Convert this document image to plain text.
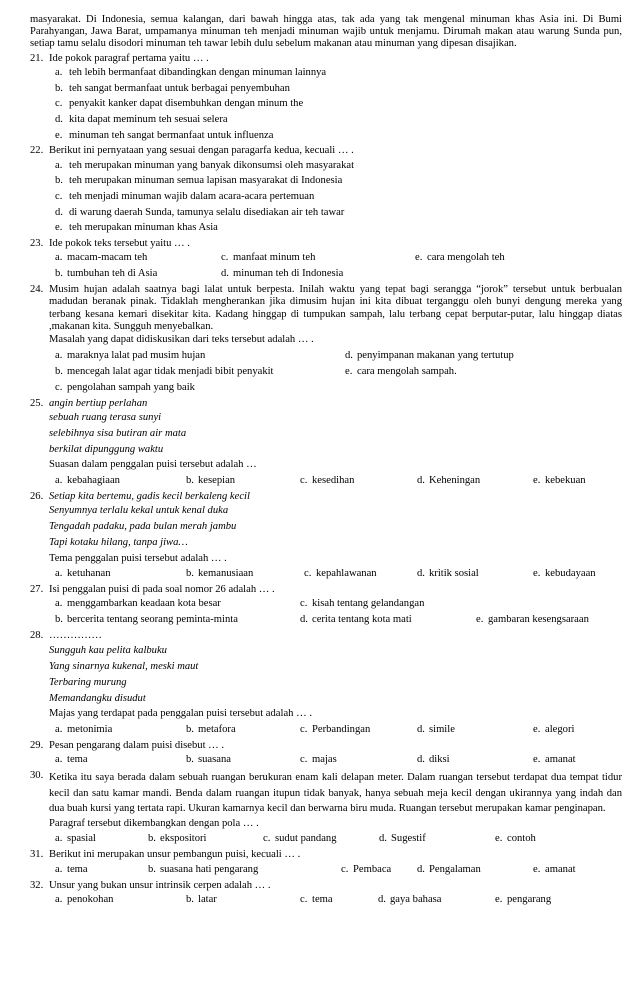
masyarakat. Di Indonesia, semua kalangan, dari bawah hingga atas, tak ada yang tak mengenal minuman khas Asia ini. Di Bumi Parahyangan, Jawa Barat, umpamanya minuman teh menjadi minuman wajib untuk menjamu. Dirumah makan atau warung Sunda pun, setiap tamu selalu disodori minuman teh tawar lebih dulu sebelum makanan atau minuman yang dipesan disajikan.

21. Ide pokok paragraf pertama yaitu … .
a. teh lebih bermanfaat dibandingkan dengan minuman lainnya
b. teh sangat bermanfaat untuk berbagai penyembuhan
c. penyakit kanker dapat disembuhkan dengan minum the
d. kita dapat meminum teh sesuai selera
e. minuman teh sangat bermanfaat untuk influenza
22. Berikut ini pernyataan yang sesuai dengan paragarfa kedua, kecuali … .
a. teh merupakan minuman yang banyak dikonsumsi oleh masyarakat
b. teh merupakan minuman semua lapisan masyarakat di Indonesia
c. teh menjadi minuman wajib dalam acara-acara pertemuan
d. di warung daerah Sunda, tamunya selalu disediakan air teh tawar
e. teh merupakan minuman khas Asia
23. Ide pokok teks tersebut yaitu … .
a. macam-macam teh	c. manfaat minum teh	e. cara mengolah teh
b. tumbuhan teh di Asia	d. minuman teh di Indonesia
24. Musim hujan adalah saatnya bagi lalat untuk berpesta. Inilah waktu yang tepat bagi serangga “jorok” tersebut untuk berbualan madudan beranak pinak. Tidaklah mengherankan jika dimusim hujan ini kita dibuat terganggu oleh bunyi dengung mereka yang terbang kesana kemari disekitar kita. Kadang hinggap di tumpukan sampah, lalu terbang cepat berputar-putar, lalu hinggap diatas ,makanan kita. Sungguh menyebalkan.
Masalah yang dapat didiskusikan dari teks tersebut adalah … .
a. maraknya lalat pad musim hujan	d. penyimpanan makanan yang tertutup
b. mencegah lalat agar tidak menjadi bibit penyakit	e. cara mengolah sampah.
c. pengolahan sampah yang baik
25. angin bertiup perlahan
sebuah ruang terasa sunyi
selebihnya sisa butiran air mata
berkilat dipunggung waktu
Suasan dalam penggalan puisi tersebut adalah …
a. kebahagiaan	b. kesepian	c. kesedihan	d. Keheningan	e. kebekuan
26. Setiap kita bertemu, gadis kecil berkaleng kecil
Senyumnya terlalu kekal untuk kenal duka
Tengadah padaku, pada bulan merah jambu
Tapi kotaku hilang, tanpa jiwa…
Tema penggalan puisi tersebut adalah … .
a. ketuhanan	b. kemanusiaan	c. kepahlawanan	d. kritik sosial	e. kebudayaan
27. Isi penggalan puisi di pada soal nomor 26 adalah … .
a. menggambarkan keadaan kota besar	c. kisah tentang gelandangan
b. bercerita tentang seorang peminta-minta	d. cerita tentang kota mati	e. gambaran kesengsaraan
28. ……………
Sungguh kau pelita kalbuku
Yang sinarnya kukenal, meski maut
Terbaring murung
Memandangku disudut
Majas yang terdapat pada penggalan puisi tersebut adalah … .
a. metonimia	b. metafora	c. Perbandingan	d. simile	e. alegori
29. Pesan pengarang dalam puisi disebut … .
a. tema	b. suasana	c. majas	d. diksi	e. amanat
30. Ketika itu saya berada dalam sebuah ruangan berukuran enam kali delapan meter. Dalam ruangan tersebut terdapat dua tempat tidur kecil dan satu kamar mandi. Benda dalam ruangan itupun tidak banyak, hanya sebuah meja kecil dengan ukirannya yang indah dan dua buah kursi yang tertata rapi. Ukuran kamarnya kecil dan berwarna biru muda. Ruangan tersebut merupakan kamar penginapan.
Paragraf tersebut dikembangkan dengan pola … .
a. spasial	b. ekspositori	c. sudut pandang	d. Sugestif	e. contoh
31. Berikut ini merupakan unsur pembangun puisi, kecuali … .
a. tema	b. suasana hati pengarang	c. Pembaca d. Pengalaman	e. amanat
32. Unsur yang bukan unsur intrinsik cerpen adalah … .
a. penokohan	b. latar	c. tema	d. gaya bahasa	e. pengarang
